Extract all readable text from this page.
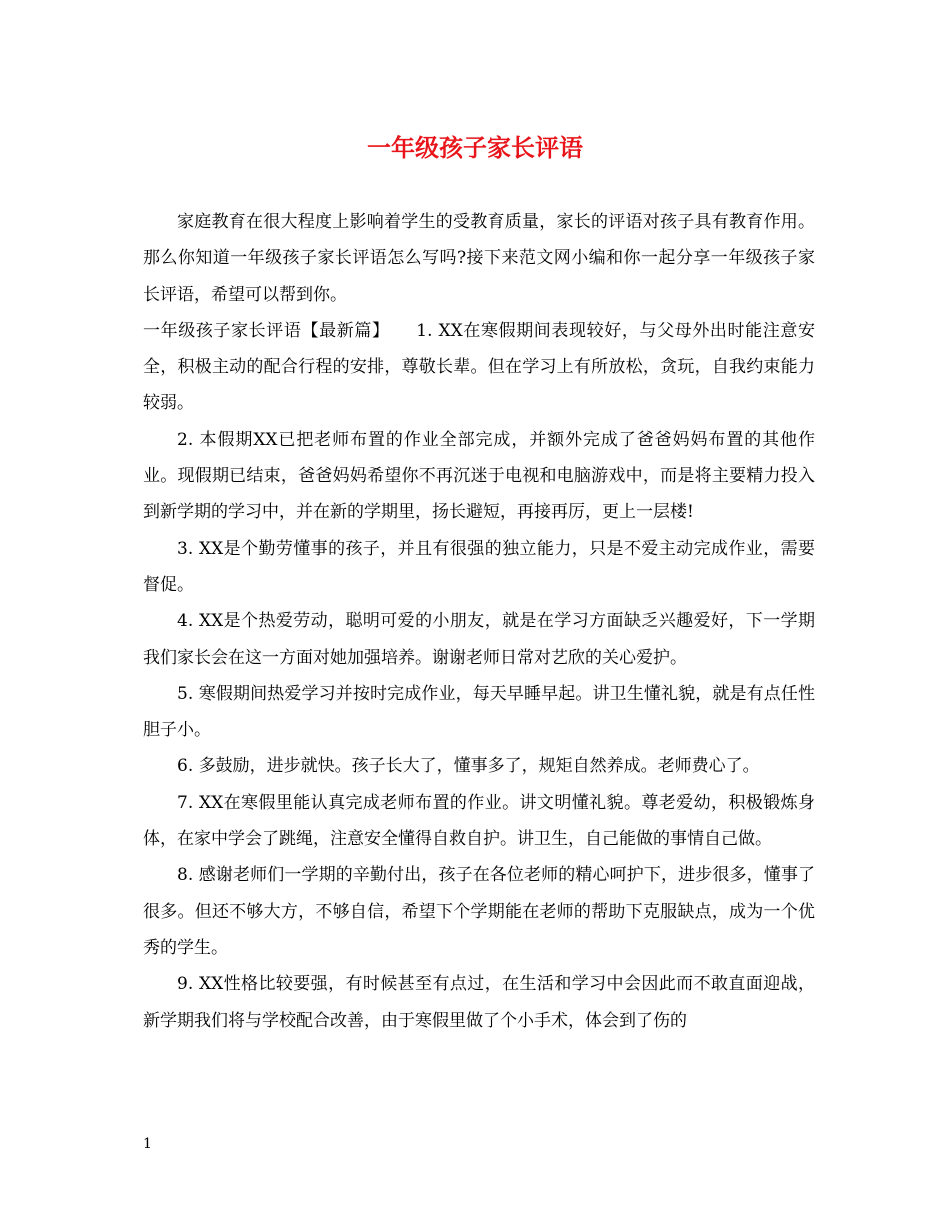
一年级孩子家长评语

家庭教育在很大程度上影响着学生的受教育质量，家长的评语对孩子具有教育作用。那么你知道一年级孩子家长评语怎么写吗?接下来范文网小编和你一起分享一年级孩子家长评语，希望可以帮到你。

一年级孩子家长评语【最新篇】　　1. XX在寒假期间表现较好，与父母外出时能注意安全，积极主动的配合行程的安排，尊敬长辈。但在学习上有所放松，贪玩，自我约束能力较弱。

2. 本假期XX已把老师布置的作业全部完成，并额外完成了爸爸妈妈布置的其他作业。现假期已结束，爸爸妈妈希望你不再沉迷于电视和电脑游戏中，而是将主要精力投入到新学期的学习中，并在新的学期里，扬长避短，再接再厉，更上一层楼!

3. XX是个勤劳懂事的孩子，并且有很强的独立能力，只是不爱主动完成作业，需要督促。

4. XX是个热爱劳动，聪明可爱的小朋友，就是在学习方面缺乏兴趣爱好，下一学期我们家长会在这一方面对她加强培养。谢谢老师日常对艺欣的关心爱护。

5. 寒假期间热爱学习并按时完成作业，每天早睡早起。讲卫生懂礼貌，就是有点任性胆子小。

6. 多鼓励，进步就快。孩子长大了，懂事多了，规矩自然养成。老师费心了。

7. XX在寒假里能认真完成老师布置的作业。讲文明懂礼貌。尊老爱幼，积极锻炼身体，在家中学会了跳绳，注意安全懂得自救自护。讲卫生，自己能做的事情自己做。

8. 感谢老师们一学期的辛勤付出，孩子在各位老师的精心呵护下，进步很多，懂事了很多。但还不够大方，不够自信，希望下个学期能在老师的帮助下克服缺点，成为一个优秀的学生。

9. XX性格比较要强，有时候甚至有点过，在生活和学习中会因此而不敢直面迎战，新学期我们将与学校配合改善，由于寒假里做了个小手术，体会到了伤的

1
